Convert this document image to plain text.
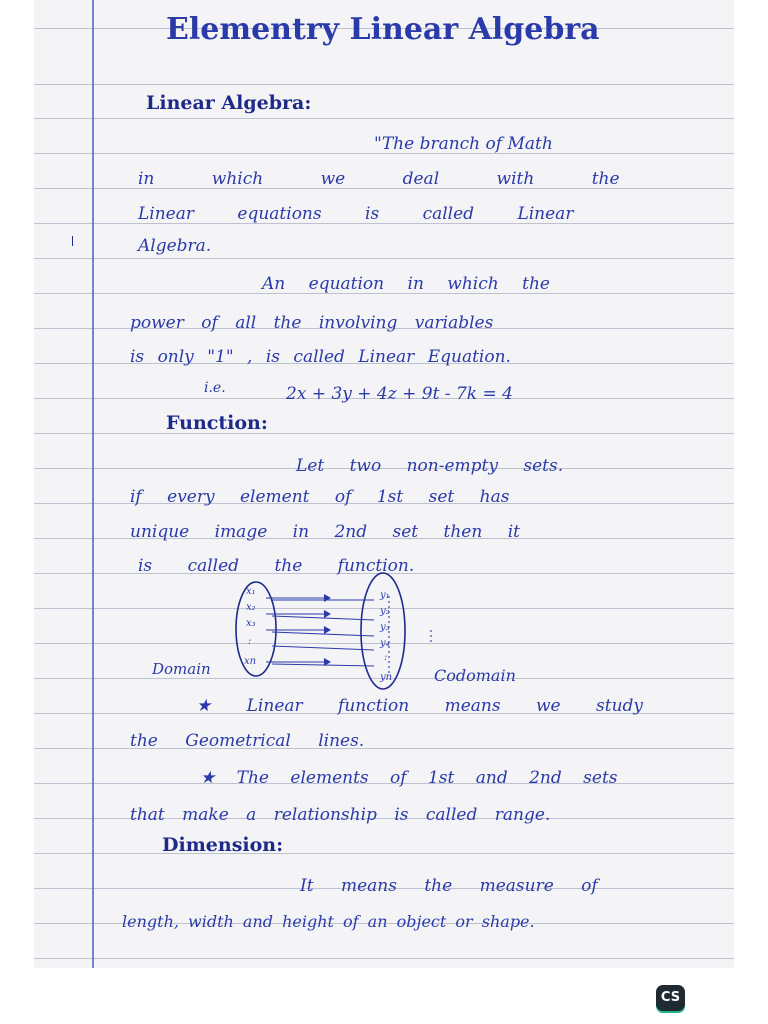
Elementry Linear Algebra
Linear Algebra:
"The branch of Math
in which we deal with the
Linear equations is called Linear
Algebra.
An equation in which the
power of all the involving variables
is only "1" , is called Linear Equation.
i.e.	2x + 3y + 4z + 9t - 7k = 4
Function:
Let two non-empty sets.
if every element of 1st set has
unique image in 2nd set then it
is called the function.
x₁
x₂
x₃
:
xn
y₁
y₂
y₃
y₄
:
yn
Domain	Codomain
★ Linear function means we study
the Geometrical lines.
★ The elements of 1st and 2nd sets
that make a relationship is called range.
Dimension:
It means the measure of
length, width and height of an object or shape.
CS
